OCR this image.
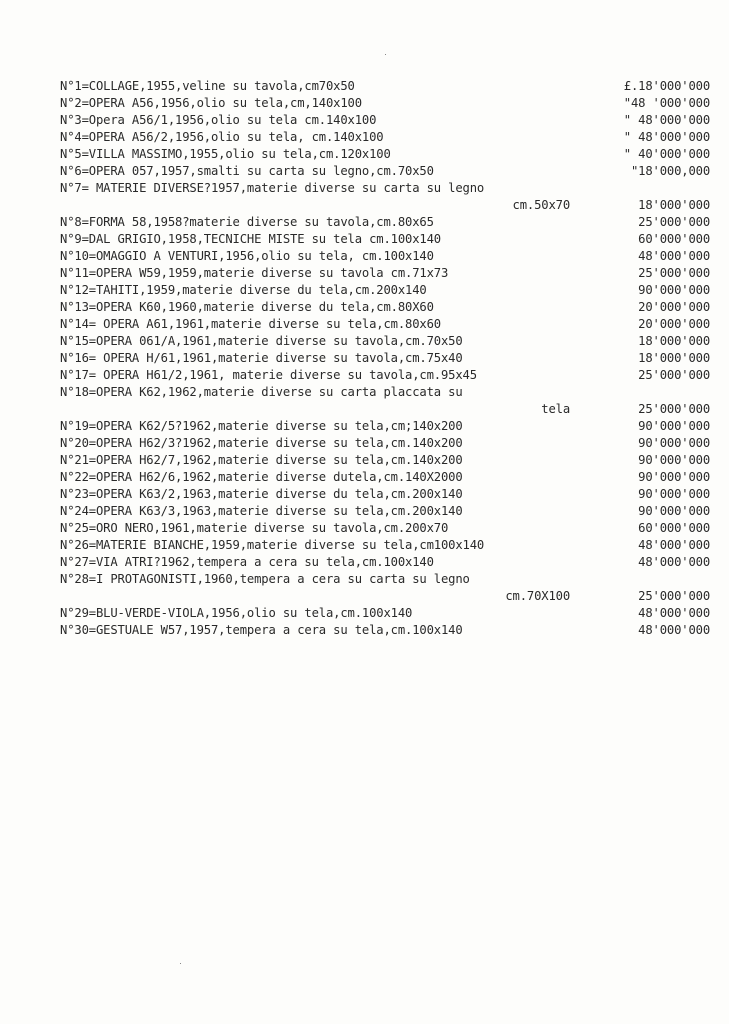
N°1=COLLAGE,1955,veline su tavola,cm70x50	£.18'000'000
N°2=OPERA A56,1956,olio su tela,cm,140x100	"48 '000'000
N°3=Opera A56/1,1956,olio su tela cm.140x100	" 48'000'000
N°4=OPERA A56/2,1956,olio su tela, cm.140x100	" 48'000'000
N°5=VILLA MASSIMO,1955,olio su tela,cm.120x100	" 40'000'000
N°6=OPERA 057,1957,smalti su carta su legno,cm.70x50	"18'000,000
N°7= MATERIE DIVERSE?1957,materie diverse su carta su legno
cm.50x70	18'000'000
N°8=FORMA 58,1958?materie diverse su tavola,cm.80x65	25'000'000
N°9=DAL GRIGIO,1958,TECNICHE MISTE su tela cm.100x140	60'000'000
N°10=OMAGGIO A VENTURI,1956,olio su tela, cm.100x140	48'000'000
N°11=OPERA W59,1959,materie diverse su tavola cm.71x73	25'000'000
N°12=TAHITI,1959,materie diverse du tela,cm.200x140	90'000'000
N°13=OPERA K60,1960,materie diverse du tela,cm.80X60	20'000'000
N°14= OPERA A61,1961,materie diverse su tela,cm.80x60	20'000'000
N°15=OPERA 061/A,1961,materie diverse su tavola,cm.70x50	18'000'000
N°16= OPERA H/61,1961,materie diverse su tavola,cm.75x40	18'000'000
N°17= OPERA H61/2,1961, materie diverse su tavola,cm.95x45	25'000'000
N°18=OPERA K62,1962,materie diverse su carta placcata su
tela	25'000'000
N°19=OPERA K62/5?1962,materie diverse su tela,cm;140x200	90'000'000
N°20=OPERA H62/3?1962,materie diverse su tela,cm.140x200	90'000'000
N°21=OPERA H62/7,1962,materie diverse su tela,cm.140x200	90'000'000
N°22=OPERA H62/6,1962,materie diverse dutela,cm.140X2000	90'000'000
N°23=OPERA K63/2,1963,materie diverse du tela,cm.200x140	90'000'000
N°24=OPERA K63/3,1963,materie diverse su tela,cm.200x140	90'000'000
N°25=ORO NERO,1961,materie diverse su tavola,cm.200x70	60'000'000
N°26=MATERIE BIANCHE,1959,materie diverse su tela,cm100x140	48'000'000
N°27=VIA ATRI?1962,tempera a cera su tela,cm.100x140	48'000'000
N°28=I PROTAGONISTI,1960,tempera a cera su carta su legno
cm.70X100	25'000'000
N°29=BLU-VERDE-VIOLA,1956,olio su tela,cm.100x140	48'000'000
N°30=GESTUALE W57,1957,tempera a cera su tela,cm.100x140	48'000'000
